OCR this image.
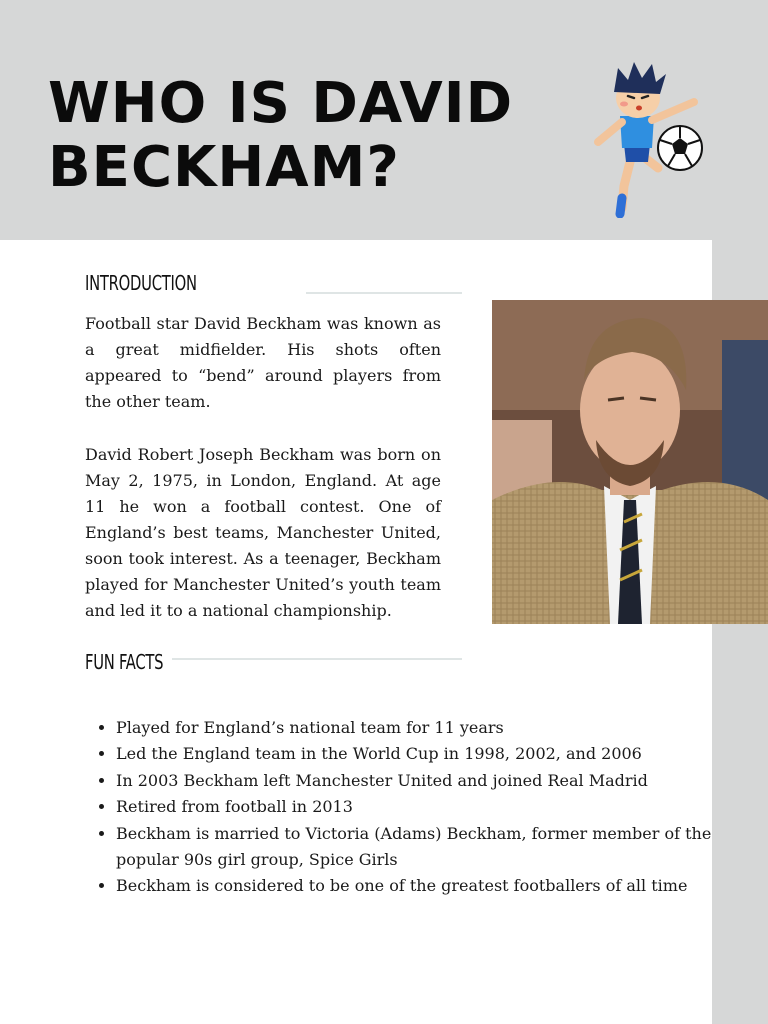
WHO IS DAVID BECKHAM?
INTRODUCTION

Football star David Beckham was known as a great midfielder. His shots often appeared to “bend” around players from the other team.

David Robert Joseph Beckham was born on May 2, 1975, in London, England. At age 11 he won a football contest. One of England’s best teams, Manchester United, soon took interest. As a teenager, Beckham played for Manchester United’s youth team and led it to a national championship.

FUN FACTS
• Played for England’s national team for 11 years
• Led the England team in the World Cup in 1998, 2002, and 2006
• In 2003 Beckham left Manchester United and joined Real Madrid
• Retired from football in 2013
• Beckham is married to Victoria (Adams) Beckham, former member of the popular 90s girl group, Spice Girls
• Beckham is considered to be one of the greatest footballers of all time
